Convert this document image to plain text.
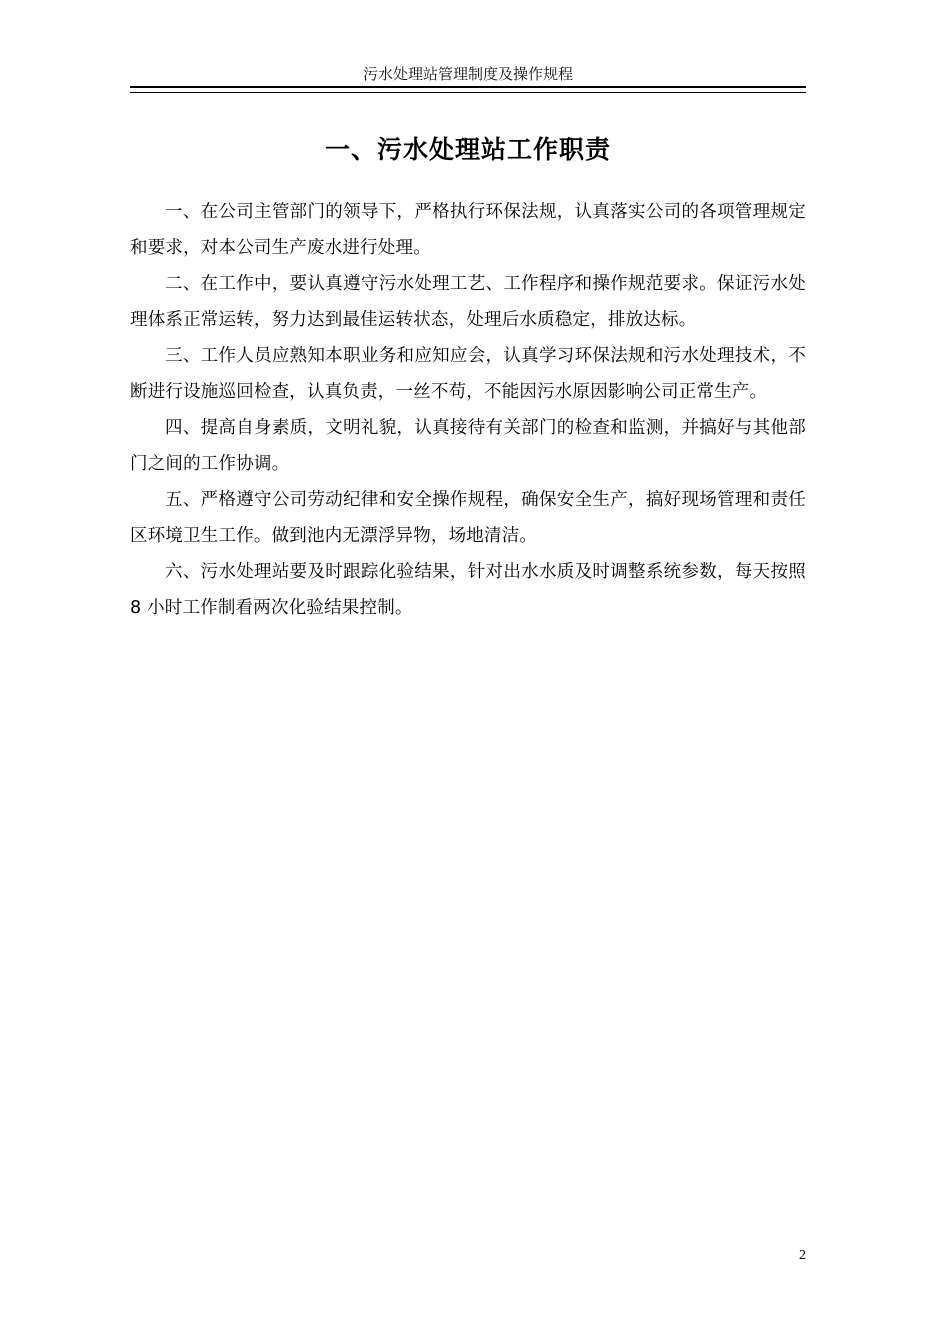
污水处理站管理制度及操作规程
一、污水处理站工作职责

一、在公司主管部门的领导下，严格执行环保法规，认真落实公司的各项管理规定和要求，对本公司生产废水进行处理。

二、在工作中，要认真遵守污水处理工艺、工作程序和操作规范要求。保证污水处理体系正常运转，努力达到最佳运转状态，处理后水质稳定，排放达标。

三、工作人员应熟知本职业务和应知应会，认真学习环保法规和污水处理技术，不断进行设施巡回检查，认真负责，一丝不苟，不能因污水原因影响公司正常生产。

四、提高自身素质，文明礼貌，认真接待有关部门的检查和监测，并搞好与其他部门之间的工作协调。

五、严格遵守公司劳动纪律和安全操作规程，确保安全生产，搞好现场管理和责任区环境卫生工作。做到池内无漂浮异物，场地清洁。

六、污水处理站要及时跟踪化验结果，针对出水水质及时调整系统参数，每天按照 8 小时工作制看两次化验结果控制。

2
